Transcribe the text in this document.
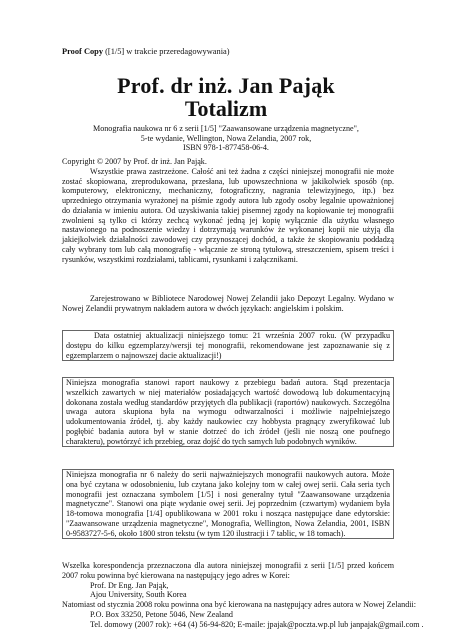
Proof Copy ([1/5] w trakcie przeredagowywania)
Prof. dr inż. Jan Pająk
Totalizm
Monografia naukowa nr 6 z serii [1/5] "Zaawansowane urządzenia magnetyczne",
5-te wydanie, Wellington, Nowa Zelandia, 2007 rok,
ISBN 978-1-877458-06-4.

Copyright © 2007 by Prof. dr inż. Jan Pająk.

Wszystkie prawa zastrzeżone. Całość ani też żadna z części niniejszej monografii nie może zostać skopiowana, zreprodukowana, przesłana, lub upowszechniona w jakikolwiek sposób (np. komputerowy, elektroniczny, mechaniczny, fotograficzny, nagrania telewizyjnego, itp.) bez uprzedniego otrzymania wyrażonej na piśmie zgody autora lub zgody osoby legalnie upoważnionej do działania w imieniu autora. Od uzyskiwania takiej pisemnej zgody na kopiowanie tej monografii zwolnieni są tylko ci którzy zechcą wykonać jedną jej kopię wyłącznie dla użytku własnego nastawionego na podnoszenie wiedzy i dotrzymają warunków że wykonanej kopii nie użyją dla jakiejkolwiek działalności zawodowej czy przynoszącej dochód, a także że skopiowaniu poddadzą cały wybrany tom lub całą monografię - włącznie ze stroną tytułową, streszczeniem, spisem treści i rysunków, wszystkimi rozdziałami, tablicami, rysunkami i załącznikami.

Zarejestrowano w Bibliotece Narodowej Nowej Zelandii jako Depozyt Legalny. Wydano w Nowej Zelandii prywatnym nakładem autora w dwóch językach: angielskim i polskim.

Data ostatniej aktualizacji niniejszego tomu: 21 września 2007 roku. (W przypadku dostępu do kilku egzemplarzy/wersji tej monografii, rekomendowane jest zapoznawanie się z egzemplarzem o najnowszej dacie aktualizacji!)

Niniejsza monografia stanowi raport naukowy z przebiegu badań autora. Stąd prezentacja wszelkich zawartych w niej materiałów posiadających wartość dowodową lub dokumentacyjną dokonana została według standardów przyjętych dla publikacji (raportów) naukowych. Szczególna uwaga autora skupiona była na wymogu odtwarzalności i możliwie najpełniejszego udokumentowania źródeł, tj. aby każdy naukowiec czy hobbysta pragnący zweryfikować lub pogłębić badania autora był w stanie dotrzeć do ich źródeł (jeśli nie noszą one poufnego charakteru), powtórzyć ich przebieg, oraz dojść do tych samych lub podobnych wyników.

Niniejsza monografia nr 6 należy do serii najważniejszych monografii naukowych autora. Może ona być czytana w odosobnieniu, lub czytana jako kolejny tom w całej owej serii. Cała seria tych monografii jest oznaczana symbolem [1/5] i nosi generalny tytuł "Zaawansowane urządzenia magnetyczne". Stanowi ona piąte wydanie owej serii. Jej poprzednim (czwartym) wydaniem była 18-tomowa monografia [1/4] opublikowana w 2001 roku i nosząca następujące dane edytorskie: "Zaawansowane urządzenia magnetyczne", Monografia, Wellington, Nowa Zelandia, 2001, ISBN 0-9583727-5-6, około 1800 stron tekstu (w tym 120 ilustracji i 7 tablic, w 18 tomach).

Wszelka korespondencja przeznaczona dla autora niniejszej monografii z serii [1/5] przed końcem 2007 roku powinna być kierowana na następujący jego adres w Korei:

Prof. Dr Eng. Jan Pająk,

Ajou University, South Korea

Natomiast od stycznia 2008 roku powinna ona być kierowana na następujący adres autora w Nowej Zelandii:

P.O. Box 33250, Petone 5046, New Zealand

Tel. domowy (2007 rok): +64 (4) 56-94-820; E-maile: jpajak@poczta.wp.pl lub janpajak@gmail.com .
